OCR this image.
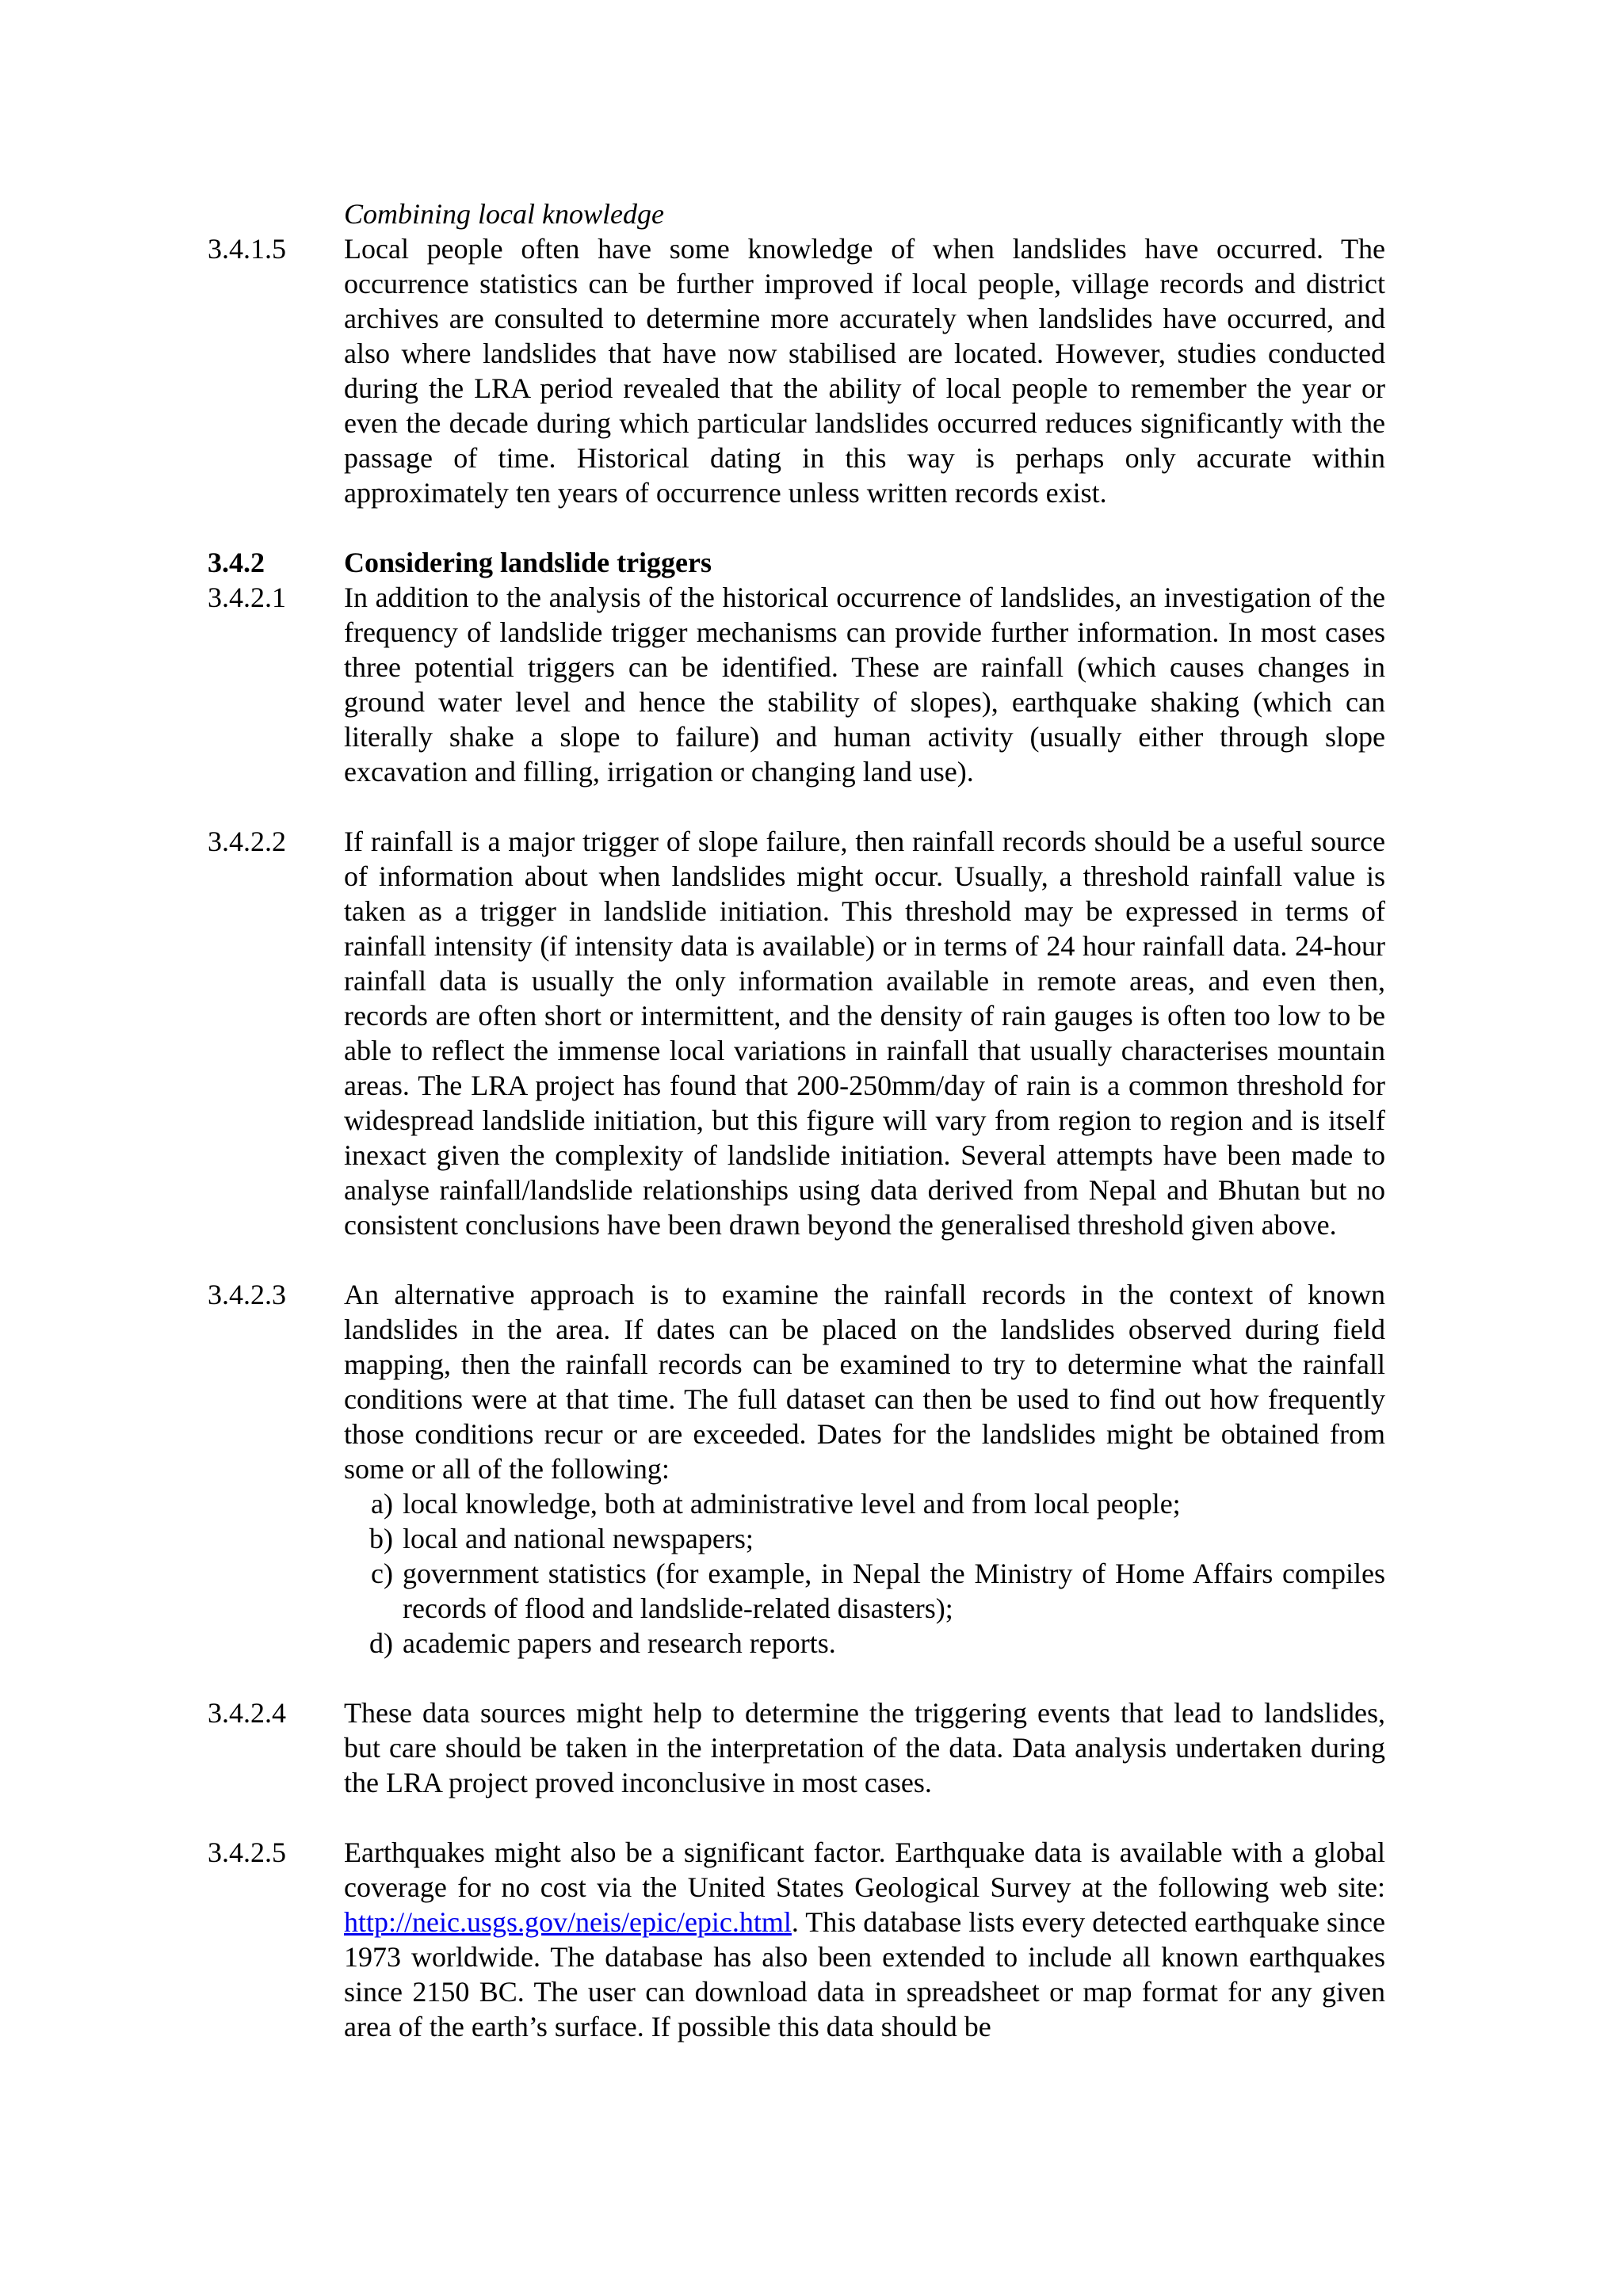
Combining local knowledge
3.4.1.5	Local people often have some knowledge of when landslides have occurred. The occurrence statistics can be further improved if local people, village records and district archives are consulted to determine more accurately when landslides have occurred, and also where landslides that have now stabilised are located. However, studies conducted during the LRA period revealed that the ability of local people to remember the year or even the decade during which particular landslides occurred reduces significantly with the passage of time. Historical dating in this way is perhaps only accurate within approximately ten years of occurrence unless written records exist.
3.4.2	Considering landslide triggers
3.4.2.1	In addition to the analysis of the historical occurrence of landslides, an investigation of the frequency of landslide trigger mechanisms can provide further information. In most cases three potential triggers can be identified. These are rainfall (which causes changes in ground water level and hence the stability of slopes), earthquake shaking (which can literally shake a slope to failure) and human activity (usually either through slope excavation and filling, irrigation or changing land use).
3.4.2.2	If rainfall is a major trigger of slope failure, then rainfall records should be a useful source of information about when landslides might occur. Usually, a threshold rainfall value is taken as a trigger in landslide initiation. This threshold may be expressed in terms of rainfall intensity (if intensity data is available) or in terms of 24 hour rainfall data. 24-hour rainfall data is usually the only information available in remote areas, and even then, records are often short or intermittent, and the density of rain gauges is often too low to be able to reflect the immense local variations in rainfall that usually characterises mountain areas. The LRA project has found that 200-250mm/day of rain is a common threshold for widespread landslide initiation, but this figure will vary from region to region and is itself inexact given the complexity of landslide initiation. Several attempts have been made to analyse rainfall/landslide relationships using data derived from Nepal and Bhutan but no consistent conclusions have been drawn beyond the generalised threshold given above.
3.4.2.3	An alternative approach is to examine the rainfall records in the context of known landslides in the area. If dates can be placed on the landslides observed during field mapping, then the rainfall records can be examined to try to determine what the rainfall conditions were at that time. The full dataset can then be used to find out how frequently those conditions recur or are exceeded. Dates for the landslides might be obtained from some or all of the following:
a) local knowledge, both at administrative level and from local people;
b) local and national newspapers;
c) government statistics (for example, in Nepal the Ministry of Home Affairs compiles records of flood and landslide-related disasters);
d) academic papers and research reports.
3.4.2.4	These data sources might help to determine the triggering events that lead to landslides, but care should be taken in the interpretation of the data. Data analysis undertaken during the LRA project proved inconclusive in most cases.
3.4.2.5	Earthquakes might also be a significant factor. Earthquake data is available with a global coverage for no cost via the United States Geological Survey at the following web site: http://neic.usgs.gov/neis/epic/epic.html. This database lists every detected earthquake since 1973 worldwide. The database has also been extended to include all known earthquakes since 2150 BC. The user can download data in spreadsheet or map format for any given area of the earth’s surface. If possible this data should be
